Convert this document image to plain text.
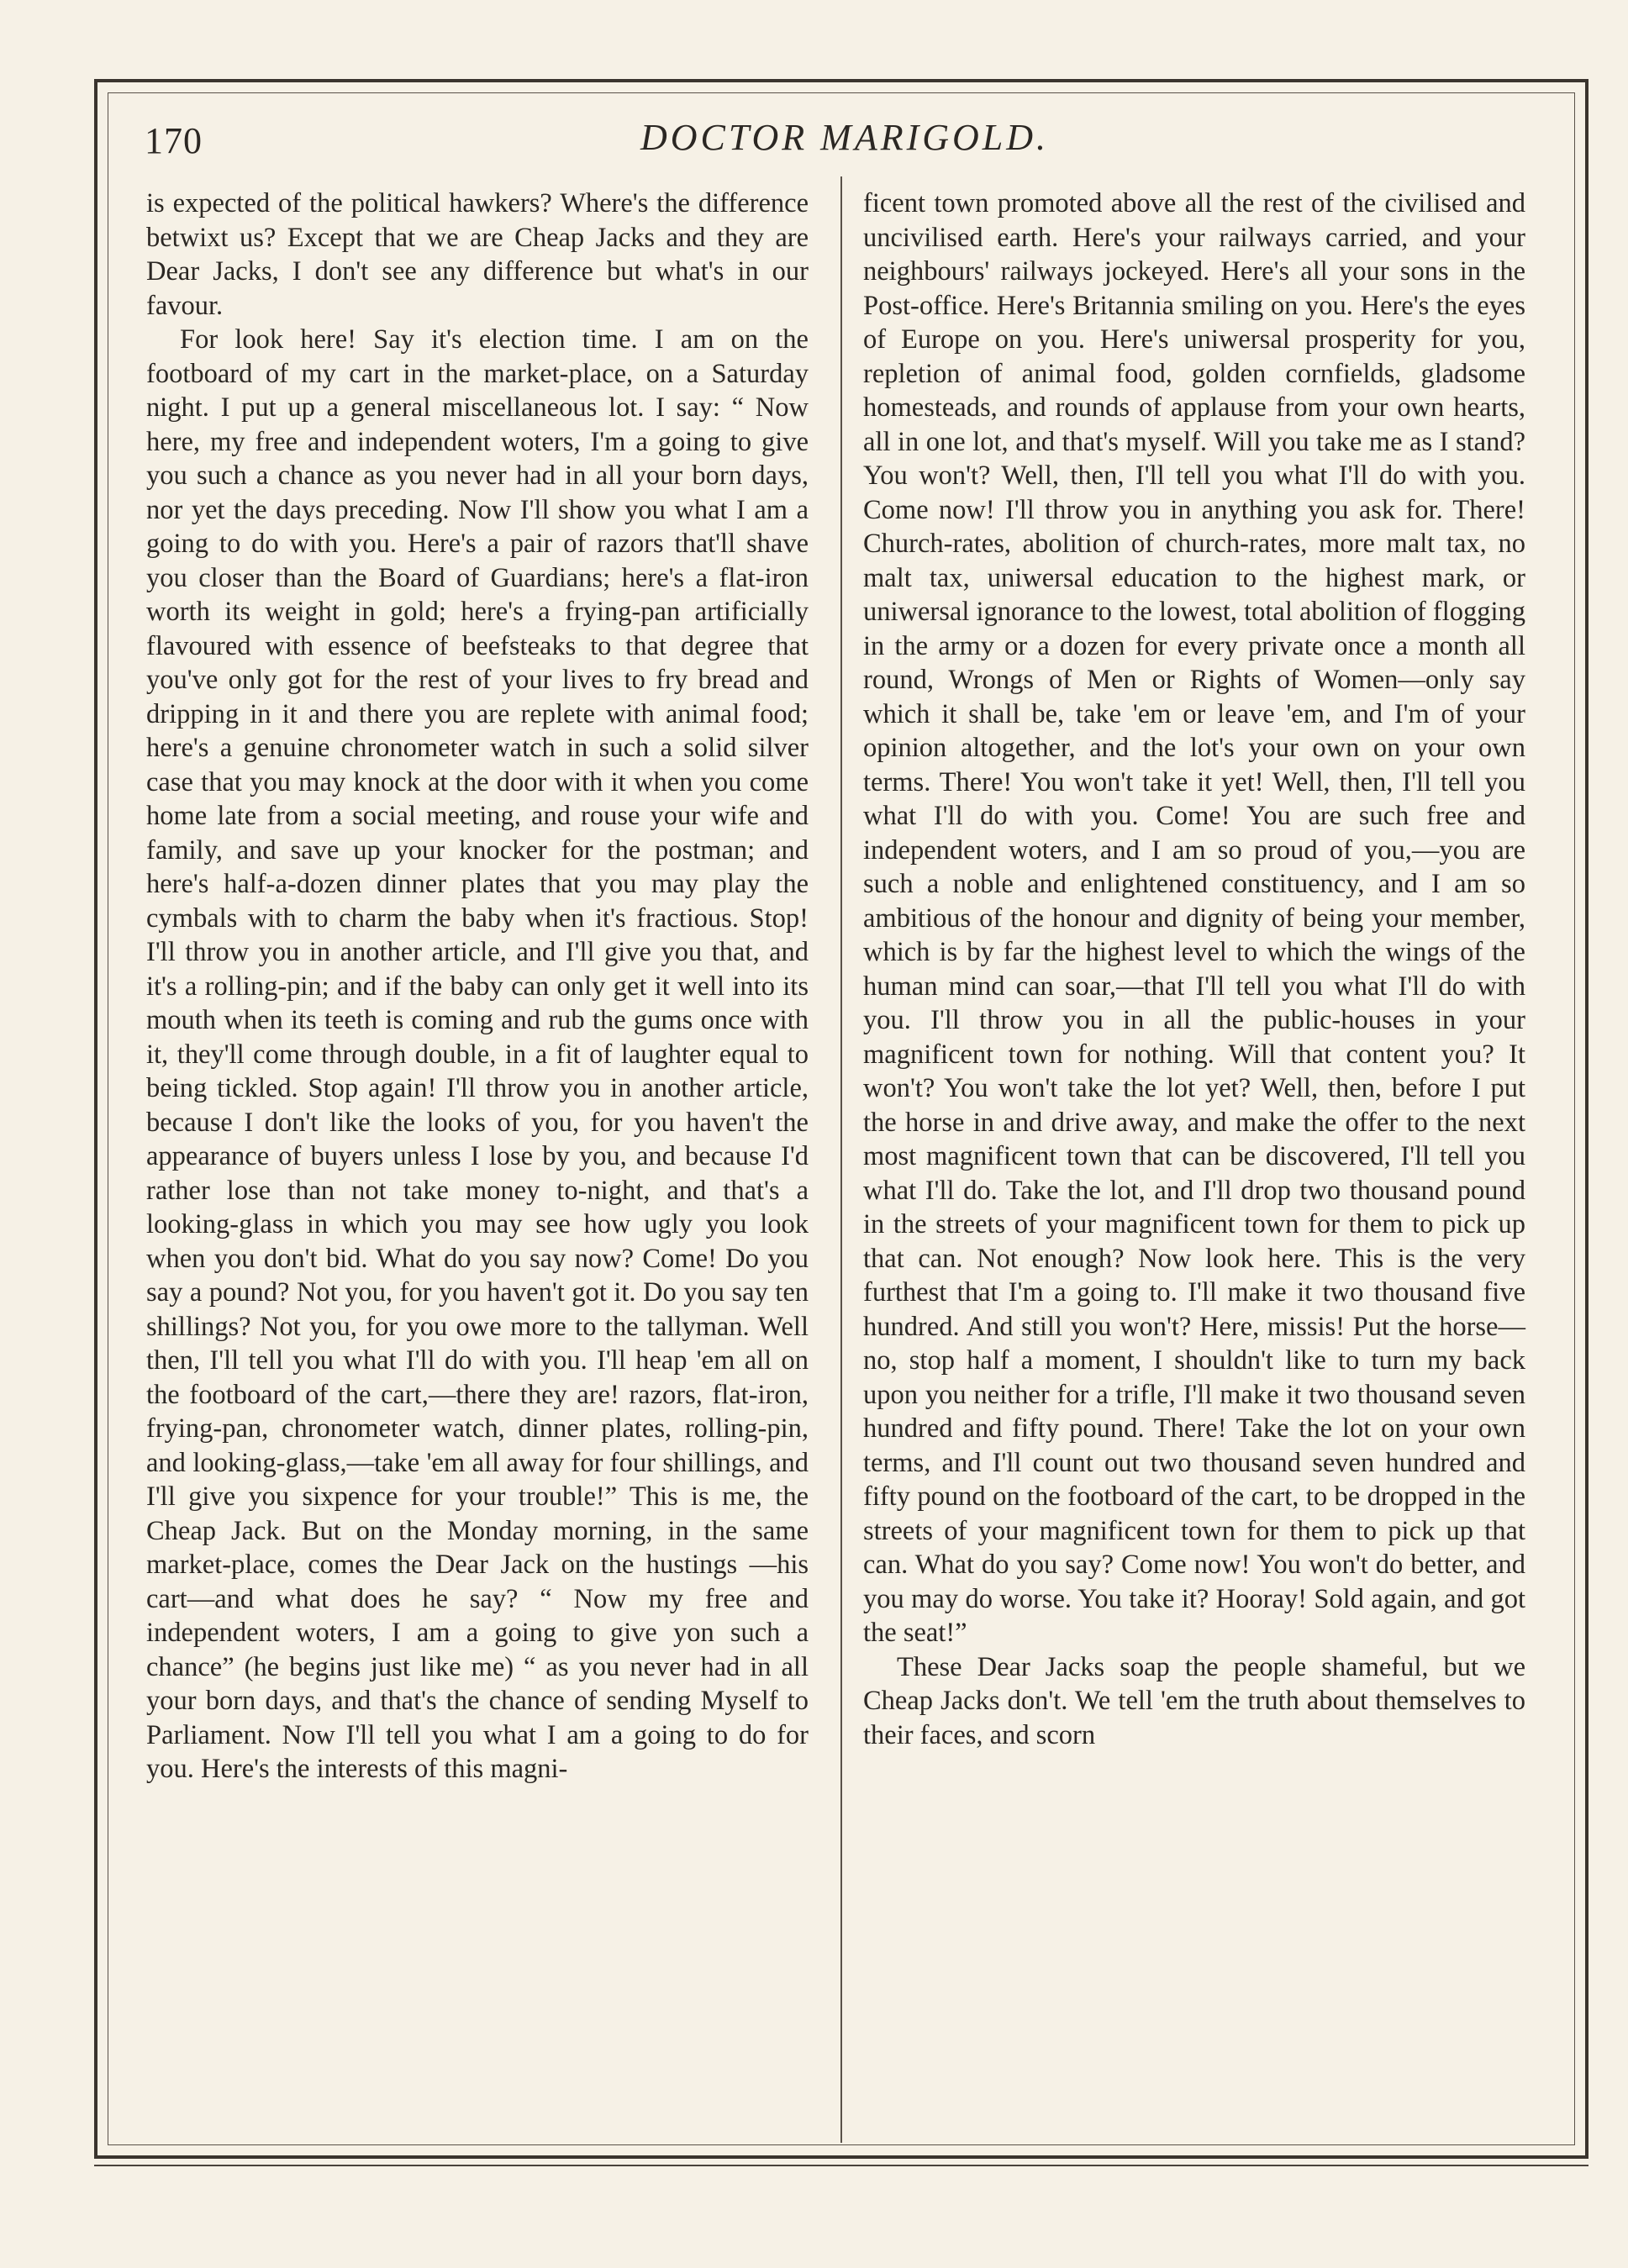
170	DOCTOR MARIGOLD.

is expected of the political hawkers? Where's the difference betwixt us? Except that we are Cheap Jacks and they are Dear Jacks, I don't see any difference but what's in our favour.

For look here! Say it's election time. I am on the footboard of my cart in the market-place, on a Saturday night. I put up a general miscellaneous lot. I say: “ Now here, my free and independent woters, I'm a going to give you such a chance as you never had in all your born days, nor yet the days preceding. Now I'll show you what I am a going to do with you. Here's a pair of razors that'll shave you closer than the Board of Guardians; here's a flat-iron worth its weight in gold; here's a frying-pan artificially flavoured with essence of beefsteaks to that degree that you've only got for the rest of your lives to fry bread and dripping in it and there you are replete with animal food; here's a genuine chronometer watch in such a solid silver case that you may knock at the door with it when you come home late from a social meeting, and rouse your wife and family, and save up your knocker for the postman; and here's half-a-dozen dinner plates that you may play the cymbals with to charm the baby when it's fractious. Stop! I'll throw you in another article, and I'll give you that, and it's a rolling-pin; and if the baby can only get it well into its mouth when its teeth is coming and rub the gums once with it, they'll come through double, in a fit of laughter equal to being tickled. Stop again! I'll throw you in another article, because I don't like the looks of you, for you haven't the appearance of buyers unless I lose by you, and because I'd rather lose than not take money to-night, and that's a looking-glass in which you may see how ugly you look when you don't bid. What do you say now? Come! Do you say a pound? Not you, for you haven't got it. Do you say ten shillings? Not you, for you owe more to the tallyman. Well then, I'll tell you what I'll do with you. I'll heap 'em all on the footboard of the cart,—there they are! razors, flat-iron, frying-pan, chronometer watch, dinner plates, rolling-pin, and looking-glass,—take 'em all away for four shillings, and I'll give you sixpence for your trouble!” This is me, the Cheap Jack. But on the Monday morning, in the same market-place, comes the Dear Jack on the hustings —his cart—and what does he say? “ Now my free and independent woters, I am a going to give yon such a chance” (he begins just like me) “ as you never had in all your born days, and that's the chance of sending Myself to Parliament. Now I'll tell you what I am a going to do for you. Here's the interests of this magni-

ficent town promoted above all the rest of the civilised and uncivilised earth. Here's your railways carried, and your neighbours' railways jockeyed. Here's all your sons in the Post-office. Here's Britannia smiling on you. Here's the eyes of Europe on you. Here's uniwersal prosperity for you, repletion of animal food, golden cornfields, gladsome homesteads, and rounds of applause from your own hearts, all in one lot, and that's myself. Will you take me as I stand? You won't? Well, then, I'll tell you what I'll do with you. Come now! I'll throw you in anything you ask for. There! Church-rates, abolition of church-rates, more malt tax, no malt tax, uniwersal education to the highest mark, or uniwersal ignorance to the lowest, total abolition of flogging in the army or a dozen for every private once a month all round, Wrongs of Men or Rights of Women—only say which it shall be, take 'em or leave 'em, and I'm of your opinion altogether, and the lot's your own on your own terms. There! You won't take it yet! Well, then, I'll tell you what I'll do with you. Come! You are such free and independent woters, and I am so proud of you,—you are such a noble and enlightened constituency, and I am so ambitious of the honour and dignity of being your member, which is by far the highest level to which the wings of the human mind can soar,—that I'll tell you what I'll do with you. I'll throw you in all the public-houses in your magnificent town for nothing. Will that content you? It won't? You won't take the lot yet? Well, then, before I put the horse in and drive away, and make the offer to the next most magnificent town that can be discovered, I'll tell you what I'll do. Take the lot, and I'll drop two thousand pound in the streets of your magnificent town for them to pick up that can. Not enough? Now look here. This is the very furthest that I'm a going to. I'll make it two thousand five hundred. And still you won't? Here, missis! Put the horse—no, stop half a moment, I shouldn't like to turn my back upon you neither for a trifle, I'll make it two thousand seven hundred and fifty pound. There! Take the lot on your own terms, and I'll count out two thousand seven hundred and fifty pound on the footboard of the cart, to be dropped in the streets of your magnificent town for them to pick up that can. What do you say? Come now! You won't do better, and you may do worse. You take it? Hooray! Sold again, and got the seat!”

These Dear Jacks soap the people shameful, but we Cheap Jacks don't. We tell 'em the truth about themselves to their faces, and scorn
